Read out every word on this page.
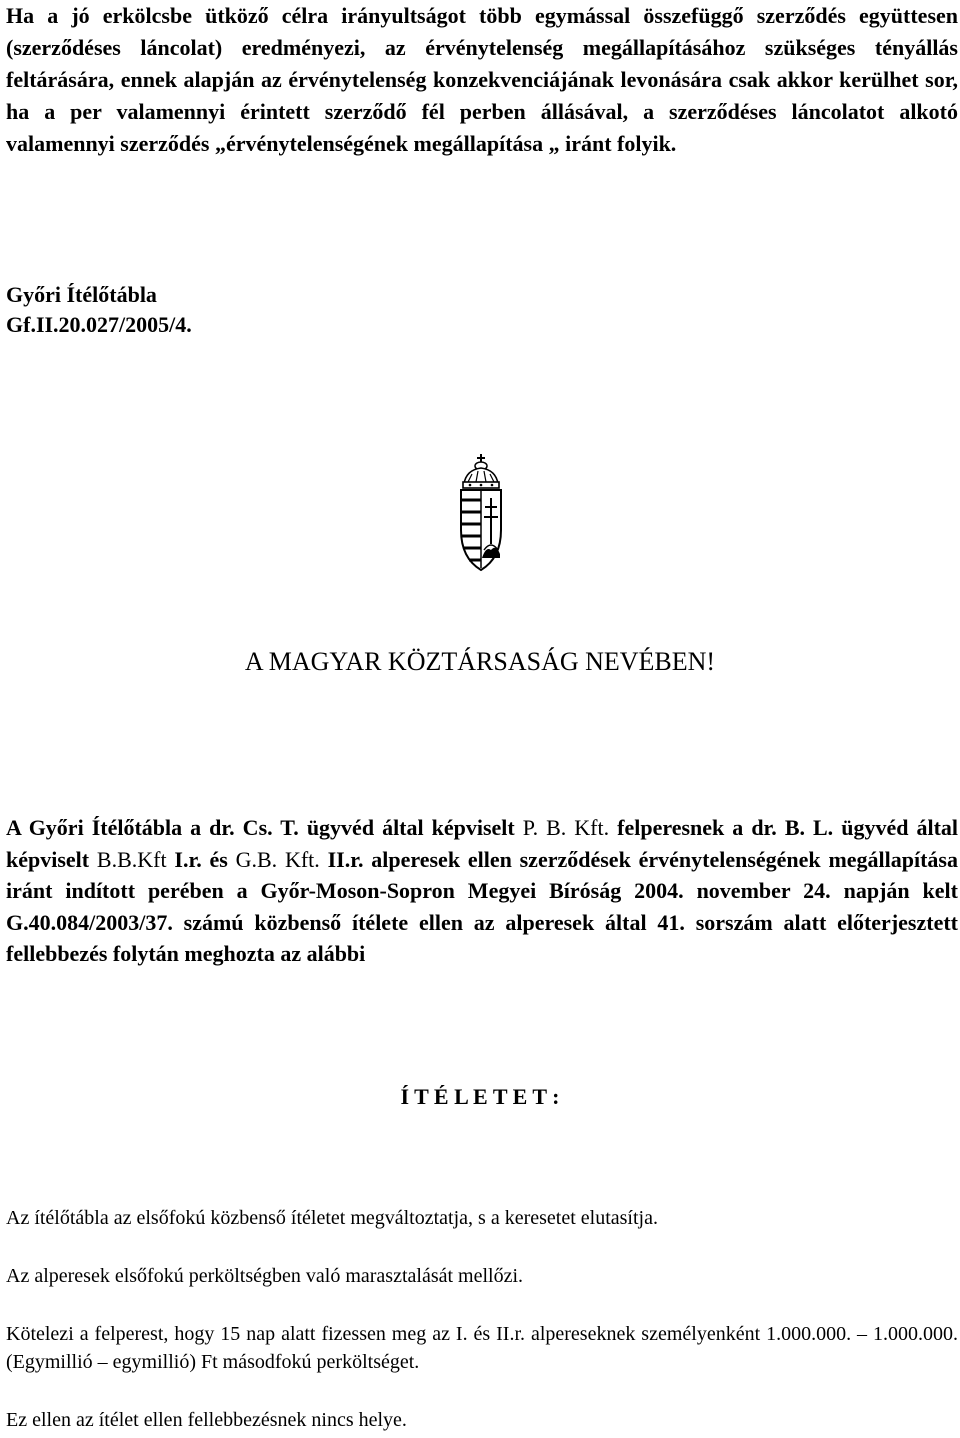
Ha a jó erkölcsbe ütköző célra irányultságot több egymással összefüggő szerződés együttesen (szerződéses láncolat) eredményezi, az érvénytelenség megállapításához szükséges tényállás feltárására, ennek alapján az érvénytelenség konzekvenciájának levonására csak akkor kerülhet sor, ha a per valamennyi érintett szerződő fél perben állásával, a szerződéses láncolatot alkotó valamennyi szerződés „érvénytelenségének megállapítása „ iránt folyik.

Győri Ítélőtábla
Gf.II.20.027/2005/4.
A MAGYAR KÖZTÁRSASÁG NEVÉBEN!

A Győri Ítélőtábla a dr. Cs. T. ügyvéd által képviselt P. B. Kft. felperesnek a dr. B. L. ügyvéd által képviselt B.B.Kft I.r. és G.B. Kft. II.r. alperesek ellen szerződések érvénytelenségének megállapítása iránt indított perében a Győr-Moson-Sopron Megyei Bíróság 2004. november 24. napján kelt G.40.084/2003/37. számú közbenső ítélete ellen az alperesek által 41. sorszám alatt előterjesztett fellebbezés folytán meghozta az alábbi

Í T É L E T E T :

Az ítélőtábla az elsőfokú közbenső ítéletet megváltoztatja, s a keresetet elutasítja.

Az alperesek elsőfokú perköltségben való marasztalását mellőzi.

Kötelezi a felperest, hogy 15 nap alatt fizessen meg az I. és II.r. alpereseknek személyenként 1.000.000. – 1.000.000. (Egymillió – egymillió) Ft másodfokú perköltséget.

Ez ellen az ítélet ellen fellebbezésnek nincs helye.
